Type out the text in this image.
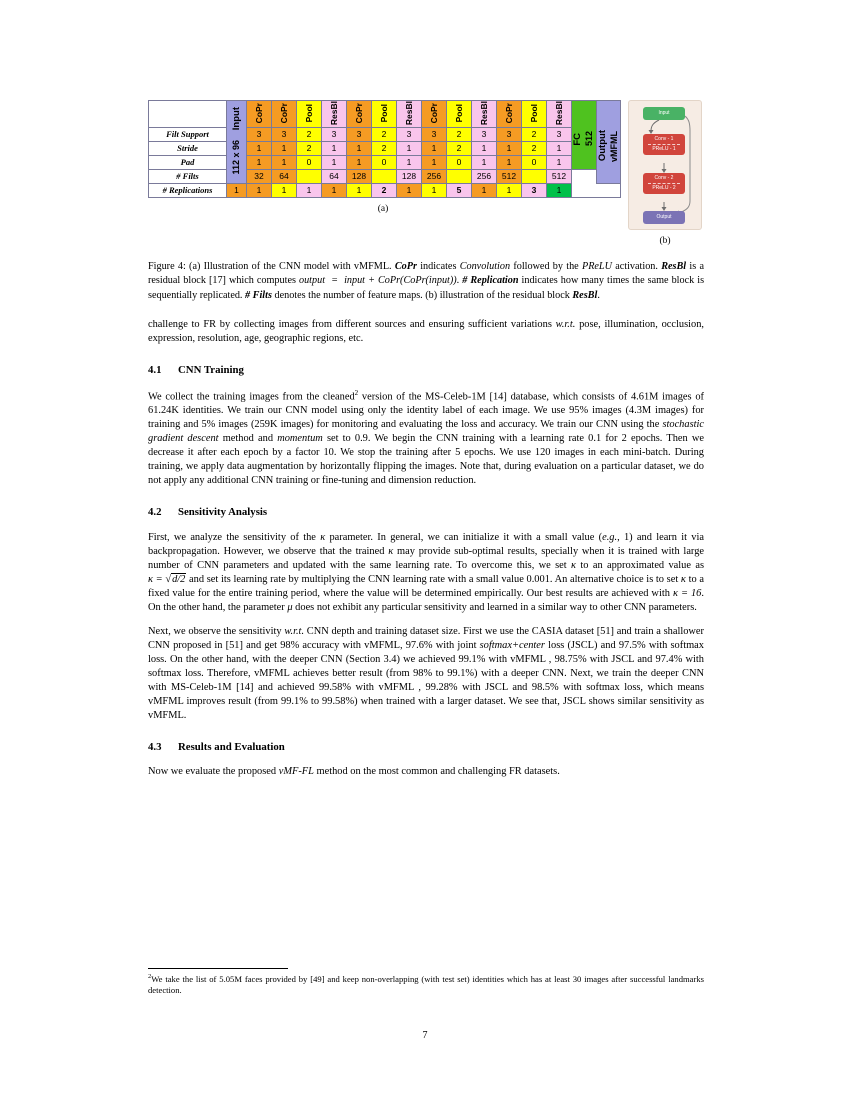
	Input 112 x 96	CoPr	CoPr	Pool	ResBl	CoPr	Pool	ResBl	CoPr	Pool	ResBl	CoPr	Pool	ResBl	FC 512	Output vMFML
Filt Support		3	3	2	3	3	2	3	3	2	3	3	2	3		
Stride		1	1	2	1	1	2	1	1	2	1	1	2	1		
Pad		1	1	0	1	1	0	1	1	0	1	1	0	1		
# Filts		32	64		64	128		128	256		256	512		512		
# Replications	1	1	1	1	1	1	2	1	1	5	1	1	3	1		
(a)
Input
Conv - 1
PReLU - 1
Conv - 2
PReLU - 2
Output
(b)
Figure 4: (a) Illustration of the CNN model with vMFML. CoPr indicates Convolution followed by the PReLU activation. ResBl is a residual block [17] which computes output = input + CoPr(CoPr(input)). # Replication indicates how many times the same block is sequentially replicated. # Filts denotes the number of feature maps. (b) illustration of the residual block ResBl.

challenge to FR by collecting images from different sources and ensuring sufficient variations w.r.t. pose, illumination, occlusion, expression, resolution, age, geographic regions, etc.

4.1 CNN Training

We collect the training images from the cleaned$^2$ version of the MS-Celeb-1M [14] database, which consists of 4.61M images of 61.24K identities. We train our CNN model using only the identity label of each image. We use 95% images (4.3M images) for training and 5% images (259K images) for monitoring and evaluating the loss and accuracy. We train our CNN using the stochastic gradient descent method and momentum set to 0.9. We begin the CNN training with a learning rate 0.1 for 2 epochs. Then we decrease it after each epoch by a factor 10. We stop the training after 5 epochs. We use 120 images in each mini-batch. During training, we apply data augmentation by horizontally flipping the images. Note that, during evaluation on a particular dataset, we do not apply any additional CNN training or fine-tuning and dimension reduction.

4.2 Sensitivity Analysis

First, we analyze the sensitivity of the κ parameter. In general, we can initialize it with a small value (e.g., 1) and learn it via backpropagation. However, we observe that the trained κ may provide sub-optimal results, specially when it is trained with large number of CNN parameters and updated with the same learning rate. To overcome this, we set κ to an approximated value as κ = √d/2 and set its learning rate by multiplying the CNN learning rate with a small value 0.001. An alternative choice is to set κ to a fixed value for the entire training period, where the value will be determined empirically. Our best results are achieved with κ = 16. On the other hand, the parameter μ does not exhibit any particular sensitivity and learned in a similar way to other CNN parameters.

Next, we observe the sensitivity w.r.t. CNN depth and training dataset size. First we use the CASIA dataset [51] and train a shallower CNN proposed in [51] and get 98% accuracy with vMFML, 97.6% with joint softmax+center loss (JSCL) and 97.5% with softmax loss. On the other hand, with the deeper CNN (Section 3.4) we achieved 99.1% with vMFML , 98.75% with JSCL and 97.4% with softmax loss. Therefore, vMFML achieves better result (from 98% to 99.1%) with a deeper CNN. Next, we train the deeper CNN with MS-Celeb-1M [14] and achieved 99.58% with vMFML , 99.28% with JSCL and 98.5% with softmax loss, which means vMFML improves result (from 99.1% to 99.58%) when trained with a larger dataset. We see that, JSCL shows similar sensitivity as vMFML.

4.3 Results and Evaluation

Now we evaluate the proposed vMF-FL method on the most common and challenging FR datasets.

$^2$We take the list of 5.05M faces provided by [49] and keep non-overlapping (with test set) identities which has at least 30 images after successful landmarks detection.
7
